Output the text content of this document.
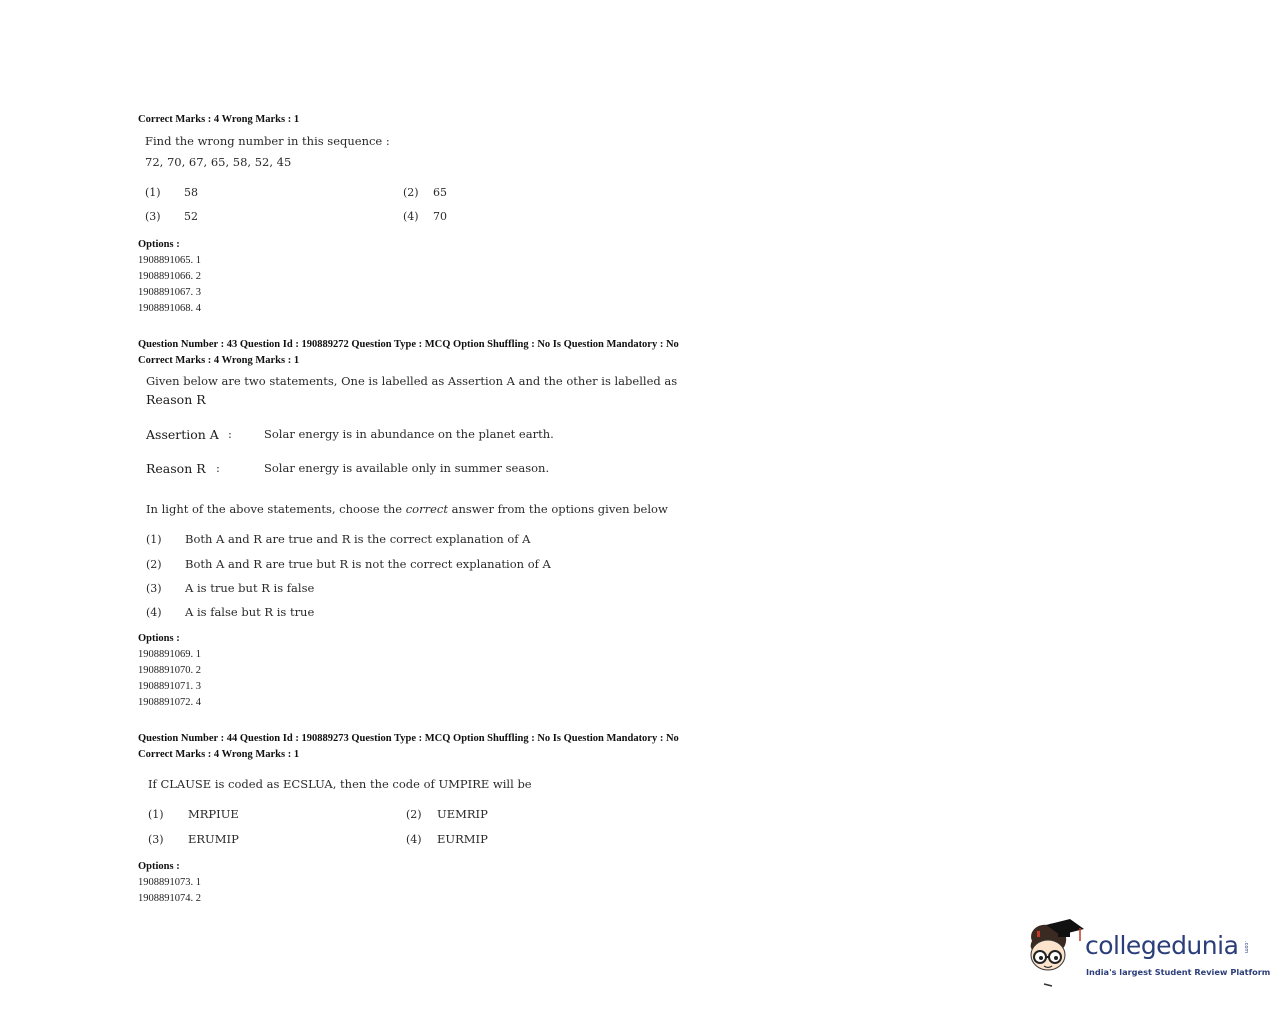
Correct Marks : 4 Wrong Marks : 1
Find the wrong number in this sequence :
72, 70, 67, 65, 58, 52, 45
(1) 58	(2) 65
(3) 52	(4) 70
Options :
1908891065. 1
1908891066. 2
1908891067. 3
1908891068. 4
Question Number : 43 Question Id : 190889272 Question Type : MCQ Option Shuffling : No Is Question Mandatory : No
Correct Marks : 4 Wrong Marks : 1
Given below are two statements, One is labelled as Assertion A and the other is labelled as
Reason R
Assertion A :	Solar energy is in abundance on the planet earth.
Reason R :	Solar energy is available only in summer season.
In light of the above statements, choose the correct answer from the options given below
(1) Both A and R are true and R is the correct explanation of A
(2) Both A and R are true but R is not the correct explanation of A
(3) A is true but R is false
(4) A is false but R is true
Options :
1908891069. 1
1908891070. 2
1908891071. 3
1908891072. 4
Question Number : 44 Question Id : 190889273 Question Type : MCQ Option Shuffling : No Is Question Mandatory : No
Correct Marks : 4 Wrong Marks : 1
If CLAUSE is coded as ECSLUA, then the code of UMPIRE will be
(1) MRPIUE	(2) UEMRIP
(3) ERUMIP	(4) EURMIP
Options :
1908891073. 1
1908891074. 2
collegedunia .com
India's largest Student Review Platform
